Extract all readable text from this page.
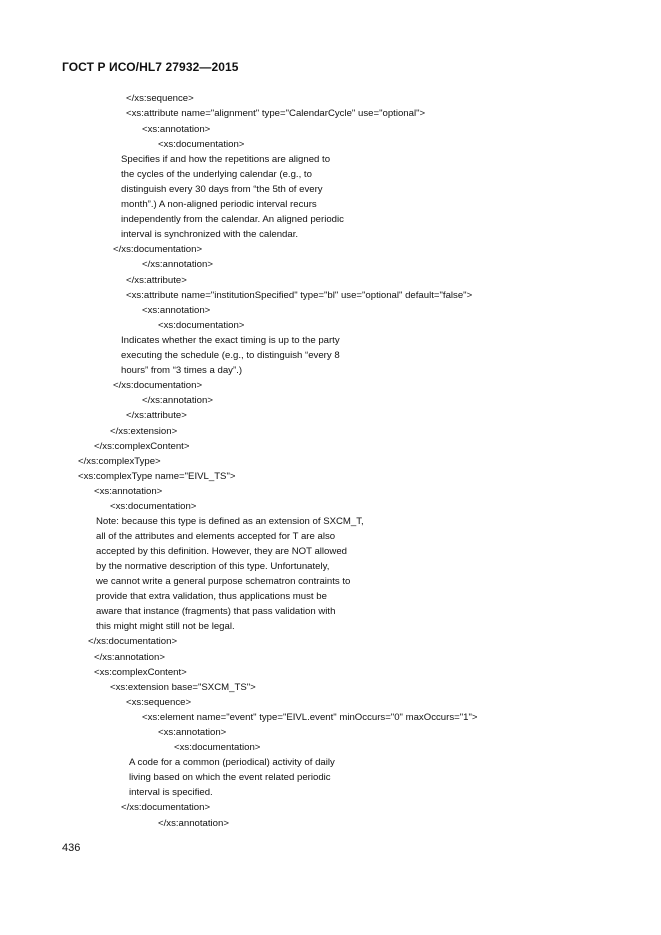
ГОСТ Р ИСО/HL7 27932—2015
</xs:sequence>
<xs:attribute name="alignment" type="CalendarCycle" use="optional">
<xs:annotation>
<xs:documentation>
Specifies if and how the repetitions are aligned to
the cycles of the underlying calendar (e.g., to
distinguish every 30 days from “the 5th of every
month”.) A non-aligned periodic interval recurs
independently from the calendar. An aligned periodic
interval is synchronized with the calendar.
</xs:documentation>
</xs:annotation>
</xs:attribute>
<xs:attribute name="institutionSpecified" type="bl" use="optional" default="false">
<xs:annotation>
<xs:documentation>
Indicates whether the exact timing is up to the party
executing the schedule (e.g., to distinguish “every 8
hours” from “3 times a day”.)
</xs:documentation>
</xs:annotation>
</xs:attribute>
</xs:extension>
</xs:complexContent>
</xs:complexType>
<xs:complexType name="EIVL_TS">
<xs:annotation>
<xs:documentation>
Note: because this type is defined as an extension of SXCM_T,
all of the attributes and elements accepted for T are also
accepted by this definition. However, they are NOT allowed
by the normative description of this type. Unfortunately,
we cannot write a general purpose schematron contraints to
provide that extra validation, thus applications must be
aware that instance (fragments) that pass validation with
this might might still not be legal.
</xs:documentation>
</xs:annotation>
<xs:complexContent>
<xs:extension base="SXCM_TS">
<xs:sequence>
<xs:element name="event" type="EIVL.event" minOccurs="0" maxOccurs="1">
<xs:annotation>
<xs:documentation>
A code for a common (periodical) activity of daily
living based on which the event related periodic
interval is specified.
</xs:documentation>
</xs:annotation>
436
